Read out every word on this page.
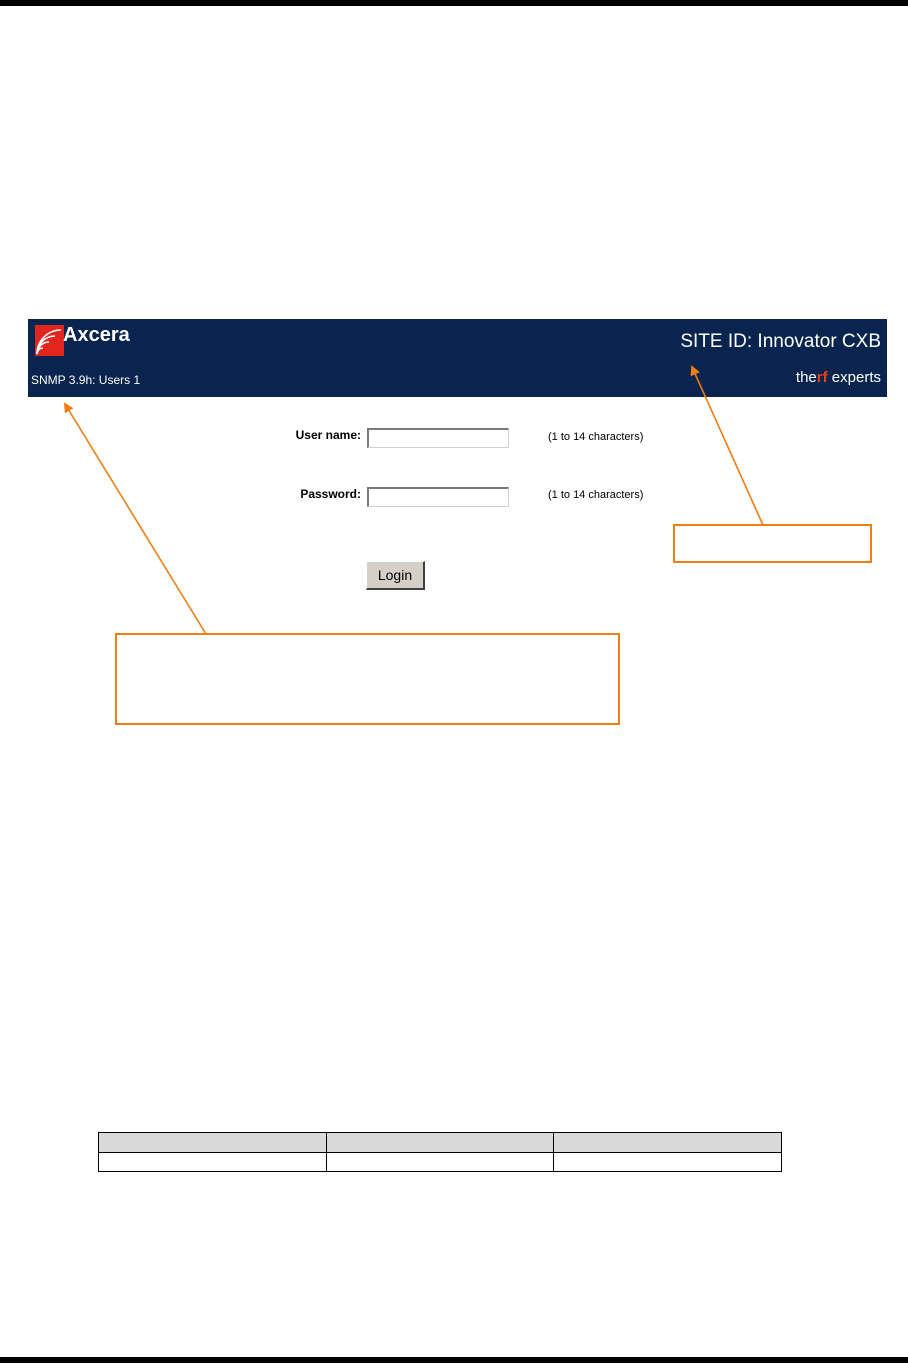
Axcera
SNMP 3.9h: Users 1
SITE ID: Innovator CXB
therf experts
User name:	(1 to 14 characters)
Password:	(1 to 14 characters)
Login
